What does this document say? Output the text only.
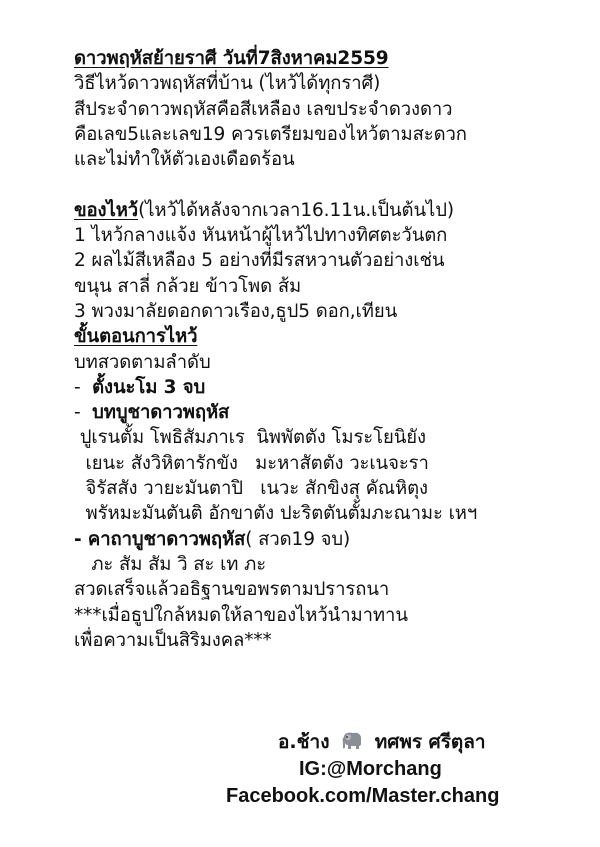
ดาวพฤหัสย้ายราศี วันที่7สิงหาคม2559
วิธีไหว้ดาวพฤหัสที่บ้าน (ไหว้ได้ทุกราศี)
สีประจำดาวพฤหัสคือสีเหลือง เลขประจำดวงดาว
คือเลข5และเลข19 ควรเตรียมของไหว้ตามสะดวก
และไม่ทำให้ตัวเองเดือดร้อน
ของไหว้(ไหว้ได้หลังจากเวลา16.11น.เป็นต้นไป)
1 ไหว้กลางแจ้ง หันหน้าผู้ไหว้ไปทางทิศตะวันตก
2 ผลไม้สีเหลือง 5 อย่างที่มีรสหวานตัวอย่างเช่น
ขนุน สาลี่ กล้วย ข้าวโพด ส้ม
3 พวงมาลัยดอกดาวเรือง,ธูป5 ดอก,เทียน
ขั้นตอนการไหว้
บทสวดตามลำดับ
-  ตั้งนะโม 3 จบ
-  บทบูชาดาวพฤหัส
ปูเรนตั้ม โพธิสัมภาเร  นิพพัตตัง โมระโยนิยัง
เยนะ สังวิหิตารักขัง   มะหาสัตตัง วะเนจะรา
จิรัสสัง วายะมันตาปิ   เนวะ สักขิงสุ คัณหิตุง
พรัหมะมันตันติ อักขาตัง ปะริตตันตั้มภะณามะ เหฯ
- คาถาบูชาดาวพฤหัส( สวด19 จบ)
ภะ สัม สัม วิ สะ เท ภะ
สวดเสร็จแล้วอธิฐานขอพรตามปรารถนา
***เมื่อธูปใกล้หมดให้ลาของไหว้นำมาทาน
เพื่อความเป็นสิริมงคล***
อ.ช้าง ทศพร ศรีตุลา
IG:@Morchang
Facebook.com/Master.chang
